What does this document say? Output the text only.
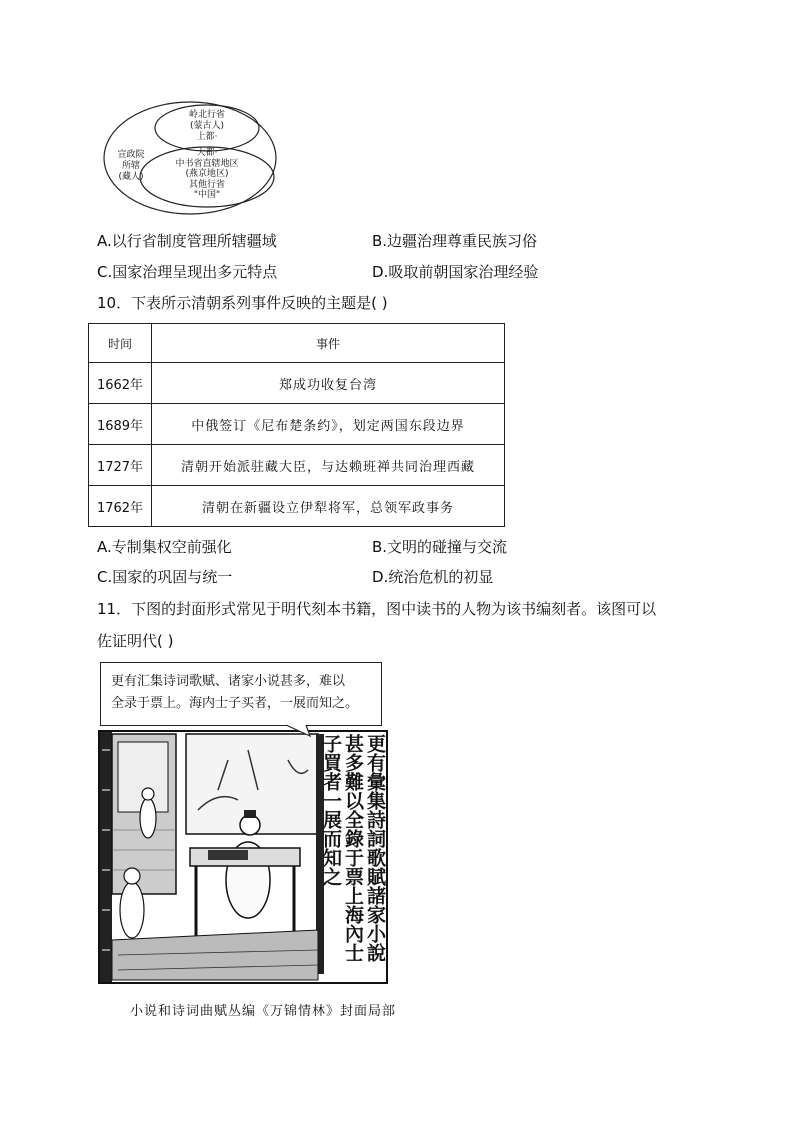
宣政院
所辖
(藏人)
岭北行省
(蒙古人)
上都·
大都·
中书省直辖地区
(燕京地区)
其他行省
"中国"
A.以行省制度管理所辖疆域	B.边疆治理尊重民族习俗
C.国家治理呈现出多元特点	D.吸取前朝国家治理经验
10．下表所示清朝系列事件反映的主题是( )
时间	事件
1662年	郑成功收复台湾
1689年	中俄签订《尼布楚条约》，划定两国东段边界
1727年	清朝开始派驻藏大臣，与达赖班禅共同治理西藏
1762年	清朝在新疆设立伊犁将军，总领军政事务
A.专制集权空前强化	B.文明的碰撞与交流
C.国家的巩固与统一	D.统治危机的初显
11．下图的封面形式常见于明代刻本书籍，图中读书的人物为该书编刻者。该图可以
佐证明代( )
更有彙集詩詞歌賦諸家小說
甚多難以全錄于票上海內士
子買者一展而知之
更有汇集诗词歌赋、诸家小说甚多，难以
全录于票上。海内士子买者，一展而知之。
小说和诗词曲赋丛编《万锦情林》封面局部
